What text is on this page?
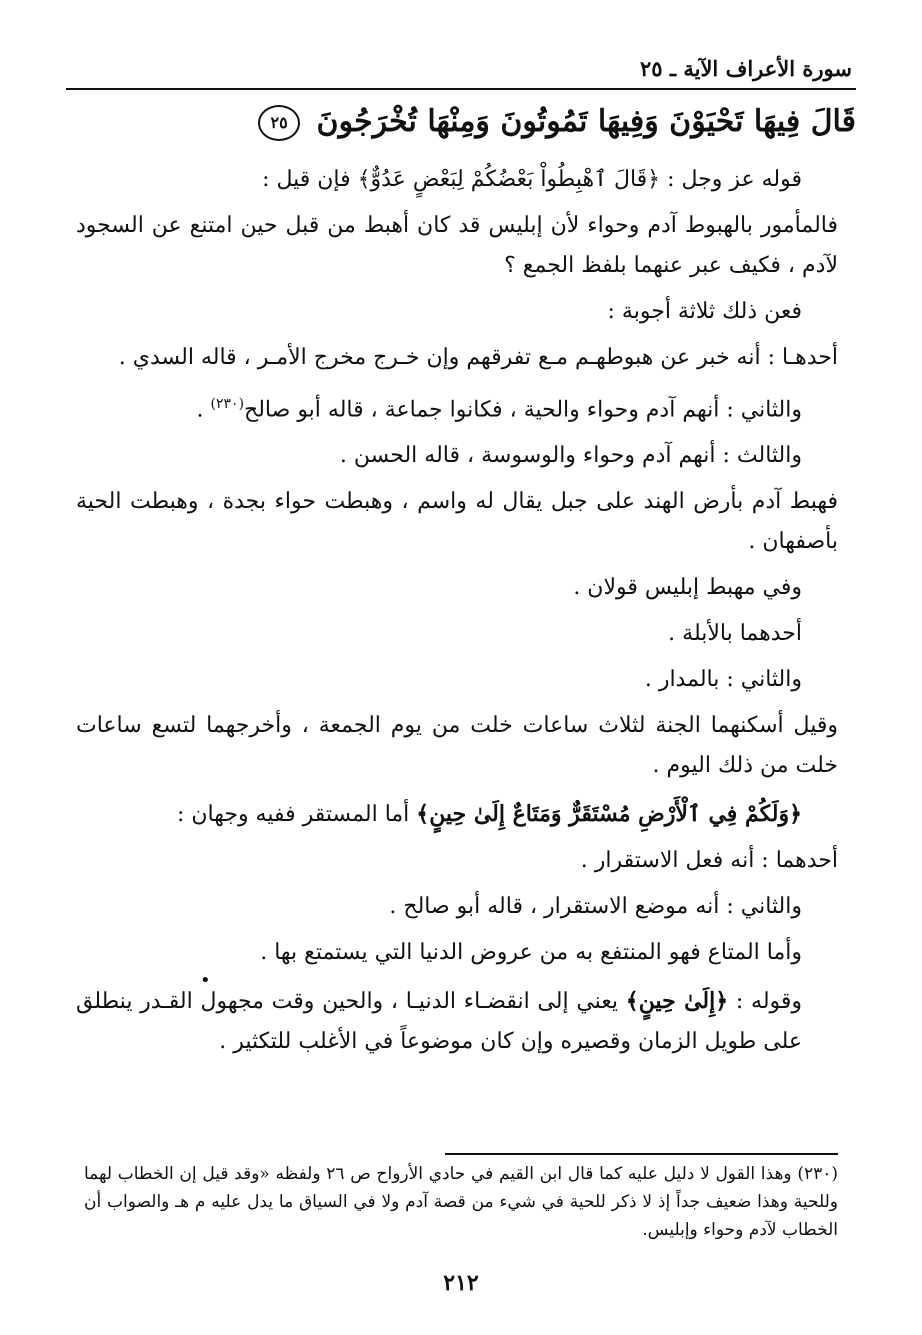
سورة الأعراف الآية ـ ٢٥
قَالَ فِيهَا تَحْيَوْنَ وَفِيهَا تَمُوتُونَ وَمِنْهَا تُخْرَجُونَ ٢٥

قوله عز وجل : ﴿قَالَ ٱهْبِطُواْ بَعْضُكُمْ لِبَعْضٍ عَدُوٌّ﴾ فإن قيل :

فالمأمور بالهبوط آدم وحواء لأن إبليس قد كان أهبط من قبل حين امتنع عن السجود لآدم ، فكيف عبر عنهما بلفظ الجمع ؟

فعن ذلك ثلاثة أجوبة :

أحدهـا : أنه خبر عن هبوطهـم مـع تفرقهم وإن خـرج مخرج الأمـر ، قاله السدي .

والثاني : أنهم آدم وحواء والحية ، فكانوا جماعة ، قاله أبو صالح$^{(٢٣٠)}$ .

والثالث : أنهم آدم وحواء والوسوسة ، قاله الحسن .

فهبط آدم بأرض الهند على جبل يقال له واسم ، وهبطت حواء بجدة ، وهبطت الحية بأصفهان .

وفي مهبط إبليس قولان .

أحدهما بالأبلة .

والثاني : بالمدار .

وقيل أسكنهما الجنة لثلاث ساعات خلت من يوم الجمعة ، وأخرجهما لتسع ساعات خلت من ذلك اليوم .

﴿وَلَكُمْ فِي ٱلْأَرْضِ مُسْتَقَرٌّ وَمَتَاعٌ إِلَىٰ حِينٍ﴾ أما المستقر ففيه وجهان :

أحدهما : أنه فعل الاستقرار .

والثاني : أنه موضع الاستقرار ، قاله أبو صالح .

وأما المتاع فهو المنتفع به من عروض الدنيا التي يستمتع بها .

وقوله : ﴿إِلَىٰ حِينٍ﴾ يعني إلى انقضـاء الدنيـا ، والحين وقت مجهول القـدر ينطلق على طويل الزمان وقصيره وإن كان موضوعاً في الأغلب للتكثير .

•

(٢٣٠) وهذا القول لا دليل عليه كما قال ابن القيم في حادي الأرواح ص ٢٦ ولفظه «وقد قيل إن الخطاب لهما وللحية وهذا ضعيف جداً إذ لا ذكر للحية في شيء من قصة آدم ولا في السياق ما يدل عليه م هـ والصواب أن الخطاب لآدم وحواء وإبليس.

٢١٢
